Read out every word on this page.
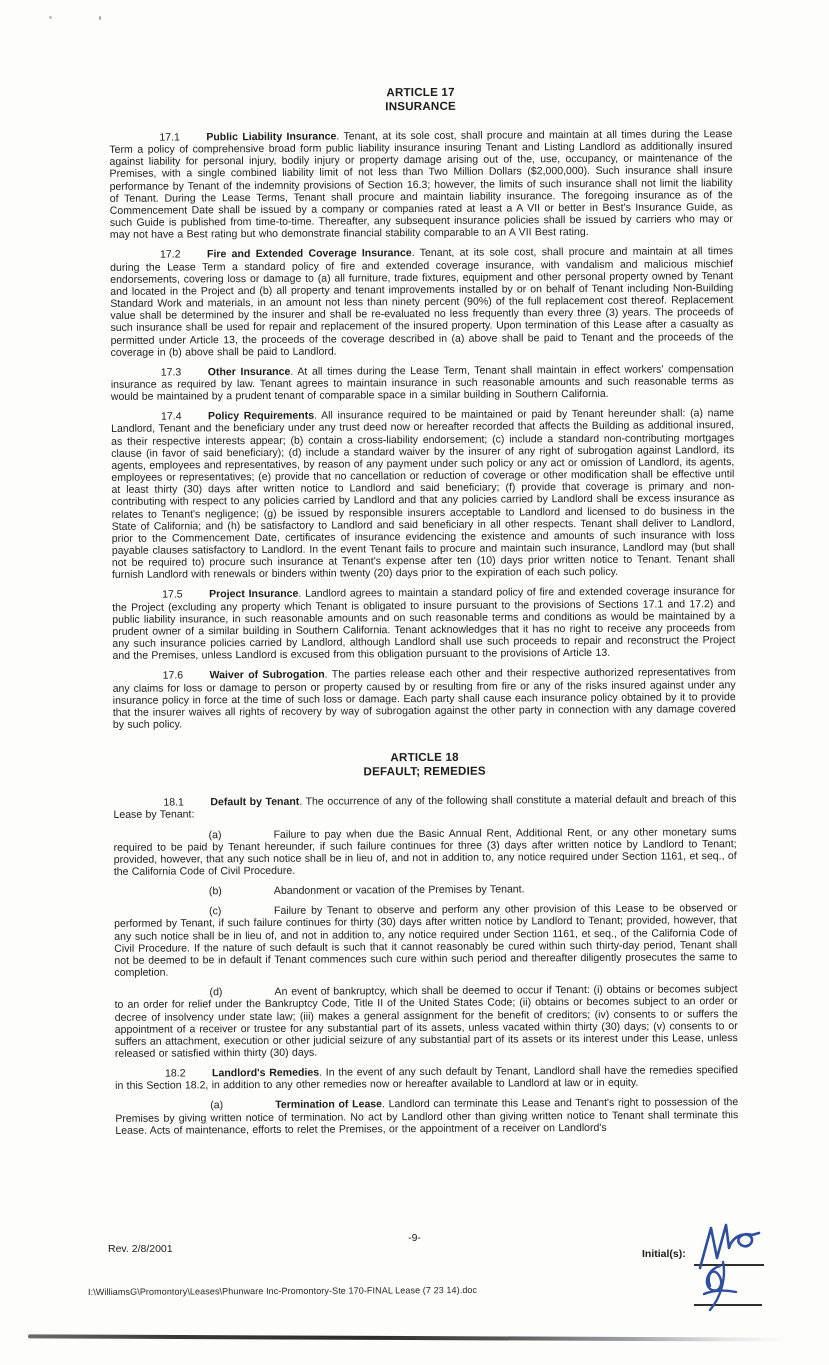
ARTICLE 17

INSURANCE

17.1	Public Liability Insurance. Tenant, at its sole cost, shall procure and maintain at all times during the Lease Term a policy of comprehensive broad form public liability insurance insuring Tenant and Listing Landlord as additionally insured against liability for personal injury, bodily injury or property damage arising out of the, use, occupancy, or maintenance of the Premises, with a single combined liability limit of not less than Two Million Dollars ($2,000,000). Such insurance shall insure performance by Tenant of the indemnity provisions of Section 16.3; however, the limits of such insurance shall not limit the liability of Tenant. During the Lease Terms, Tenant shall procure and maintain liability insurance. The foregoing insurance as of the Commencement Date shall be issued by a company or companies rated at least a A VII or better in Best's Insurance Guide, as such Guide is published from time-to-time. Thereafter, any subsequent insurance policies shall be issued by carriers who may or may not have a Best rating but who demonstrate financial stability comparable to an A VII Best rating.

17.2	Fire and Extended Coverage Insurance. Tenant, at its sole cost, shall procure and maintain at all times during the Lease Term a standard policy of fire and extended coverage insurance, with vandalism and malicious mischief endorsements, covering loss or damage to (a) all furniture, trade fixtures, equipment and other personal property owned by Tenant and located in the Project and (b) all property and tenant improvements installed by or on behalf of Tenant including Non-Building Standard Work and materials, in an amount not less than ninety percent (90%) of the full replacement cost thereof. Replacement value shall be determined by the insurer and shall be re-evaluated no less frequently than every three (3) years. The proceeds of such insurance shall be used for repair and replacement of the insured property. Upon termination of this Lease after a casualty as permitted under Article 13, the proceeds of the coverage described in (a) above shall be paid to Tenant and the proceeds of the coverage in (b) above shall be paid to Landlord.

17.3	Other Insurance. At all times during the Lease Term, Tenant shall maintain in effect workers' compensation insurance as required by law. Tenant agrees to maintain insurance in such reasonable amounts and such reasonable terms as would be maintained by a prudent tenant of comparable space in a similar building in Southern California.

17.4	Policy Requirements. All insurance required to be maintained or paid by Tenant hereunder shall: (a) name Landlord, Tenant and the beneficiary under any trust deed now or hereafter recorded that affects the Building as additional insured, as their respective interests appear; (b) contain a cross-liability endorsement; (c) include a standard non-contributing mortgages clause (in favor of said beneficiary); (d) include a standard waiver by the insurer of any right of subrogation against Landlord, its agents, employees and representatives, by reason of any payment under such policy or any act or omission of Landlord, its agents, employees or representatives; (e) provide that no cancellation or reduction of coverage or other modification shall be effective until at least thirty (30) days after written notice to Landlord and said beneficiary; (f) provide that coverage is primary and non-contributing with respect to any policies carried by Landlord and that any policies carried by Landlord shall be excess insurance as relates to Tenant's negligence; (g) be issued by responsible insurers acceptable to Landlord and licensed to do business in the State of California; and (h) be satisfactory to Landlord and said beneficiary in all other respects. Tenant shall deliver to Landlord, prior to the Commencement Date, certificates of insurance evidencing the existence and amounts of such insurance with loss payable clauses satisfactory to Landlord. In the event Tenant fails to procure and maintain such insurance, Landlord may (but shall not be required to) procure such insurance at Tenant's expense after ten (10) days prior written notice to Tenant. Tenant shall furnish Landlord with renewals or binders within twenty (20) days prior to the expiration of each such policy.

17.5	Project Insurance. Landlord agrees to maintain a standard policy of fire and extended coverage insurance for the Project (excluding any property which Tenant is obligated to insure pursuant to the provisions of Sections 17.1 and 17.2) and public liability insurance, in such reasonable amounts and on such reasonable terms and conditions as would be maintained by a prudent owner of a similar building in Southern California. Tenant acknowledges that it has no right to receive any proceeds from any such insurance policies carried by Landlord, although Landlord shall use such proceeds to repair and reconstruct the Project and the Premises, unless Landlord is excused from this obligation pursuant to the provisions of Article 13.

17.6	Waiver of Subrogation. The parties release each other and their respective authorized representatives from any claims for loss or damage to person or property caused by or resulting from fire or any of the risks insured against under any insurance policy in force at the time of such loss or damage. Each party shall cause each insurance policy obtained by it to provide that the insurer waives all rights of recovery by way of subrogation against the other party in connection with any damage covered by such policy.

ARTICLE 18

DEFAULT; REMEDIES

18.1	Default by Tenant. The occurrence of any of the following shall constitute a material default and breach of this Lease by Tenant:

(a)	Failure to pay when due the Basic Annual Rent, Additional Rent, or any other monetary sums required to be paid by Tenant hereunder, if such failure continues for three (3) days after written notice by Landlord to Tenant; provided, however, that any such notice shall be in lieu of, and not in addition to, any notice required under Section 1161, et seq., of the California Code of Civil Procedure.

(b)	Abandonment or vacation of the Premises by Tenant.

(c)	Failure by Tenant to observe and perform any other provision of this Lease to be observed or performed by Tenant, if such failure continues for thirty (30) days after written notice by Landlord to Tenant; provided, however, that any such notice shall be in lieu of, and not in addition to, any notice required under Section 1161, et seq., of the California Code of Civil Procedure. If the nature of such default is such that it cannot reasonably be cured within such thirty-day period, Tenant shall not be deemed to be in default if Tenant commences such cure within such period and thereafter diligently prosecutes the same to completion.

(d)	An event of bankruptcy, which shall be deemed to occur if Tenant: (i) obtains or becomes subject to an order for relief under the Bankruptcy Code, Title II of the United States Code; (ii) obtains or becomes subject to an order or decree of insolvency under state law; (iii) makes a general assignment for the benefit of creditors; (iv) consents to or suffers the appointment of a receiver or trustee for any substantial part of its assets, unless vacated within thirty (30) days; (v) consents to or suffers an attachment, execution or other judicial seizure of any substantial part of its assets or its interest under this Lease, unless released or satisfied within thirty (30) days.

18.2	Landlord's Remedies. In the event of any such default by Tenant, Landlord shall have the remedies specified in this Section 18.2, in addition to any other remedies now or hereafter available to Landlord at law or in equity.

(a)	Termination of Lease. Landlord can terminate this Lease and Tenant's right to possession of the Premises by giving written notice of termination. No act by Landlord other than giving written notice to Tenant shall terminate this Lease. Acts of maintenance, efforts to relet the Premises, or the appointment of a receiver on Landlord's

Rev. 2/8/2001
-9-
Initial(s):
I:\WilliamsG\Promontory\Leases\Phunware Inc-Promontory-Ste 170-FINAL Lease (7 23 14).doc
